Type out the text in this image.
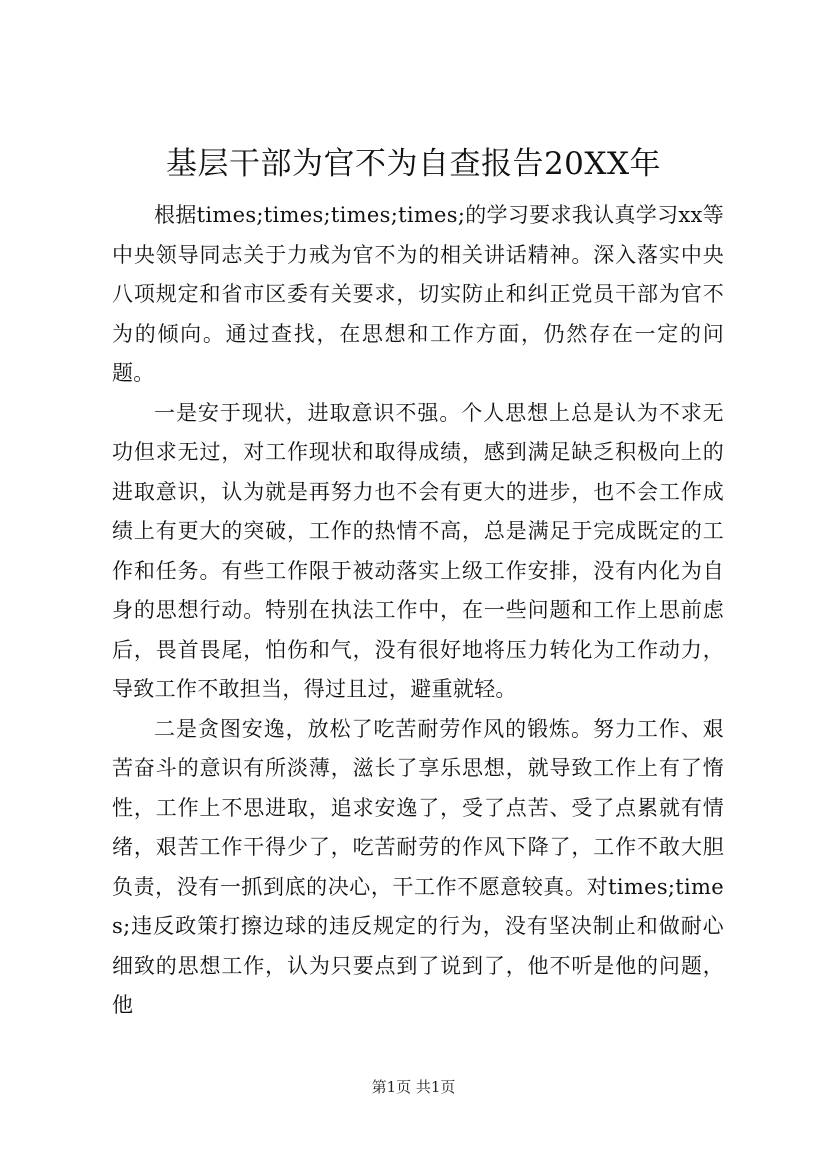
基层干部为官不为自查报告20XX年

根据times;times;times;times;的学习要求我认真学习xx等中央领导同志关于力戒为官不为的相关讲话精神。深入落实中央八项规定和省市区委有关要求，切实防止和纠正党员干部为官不为的倾向。通过查找，在思想和工作方面，仍然存在一定的问题。

一是安于现状，进取意识不强。个人思想上总是认为不求无功但求无过，对工作现状和取得成绩，感到满足缺乏积极向上的进取意识，认为就是再努力也不会有更大的进步，也不会工作成绩上有更大的突破，工作的热情不高，总是满足于完成既定的工作和任务。有些工作限于被动落实上级工作安排，没有内化为自身的思想行动。特别在执法工作中，在一些问题和工作上思前虑后，畏首畏尾，怕伤和气，没有很好地将压力转化为工作动力，导致工作不敢担当，得过且过，避重就轻。

二是贪图安逸，放松了吃苦耐劳作风的锻炼。努力工作、艰苦奋斗的意识有所淡薄，滋长了享乐思想，就导致工作上有了惰性，工作上不思进取，追求安逸了，受了点苦、受了点累就有情绪，艰苦工作干得少了，吃苦耐劳的作风下降了，工作不敢大胆负责，没有一抓到底的决心，干工作不愿意较真。对times;times;违反政策打擦边球的违反规定的行为，没有坚决制止和做耐心细致的思想工作，认为只要点到了说到了，他不听是他的问题，他

第1页 共1页
